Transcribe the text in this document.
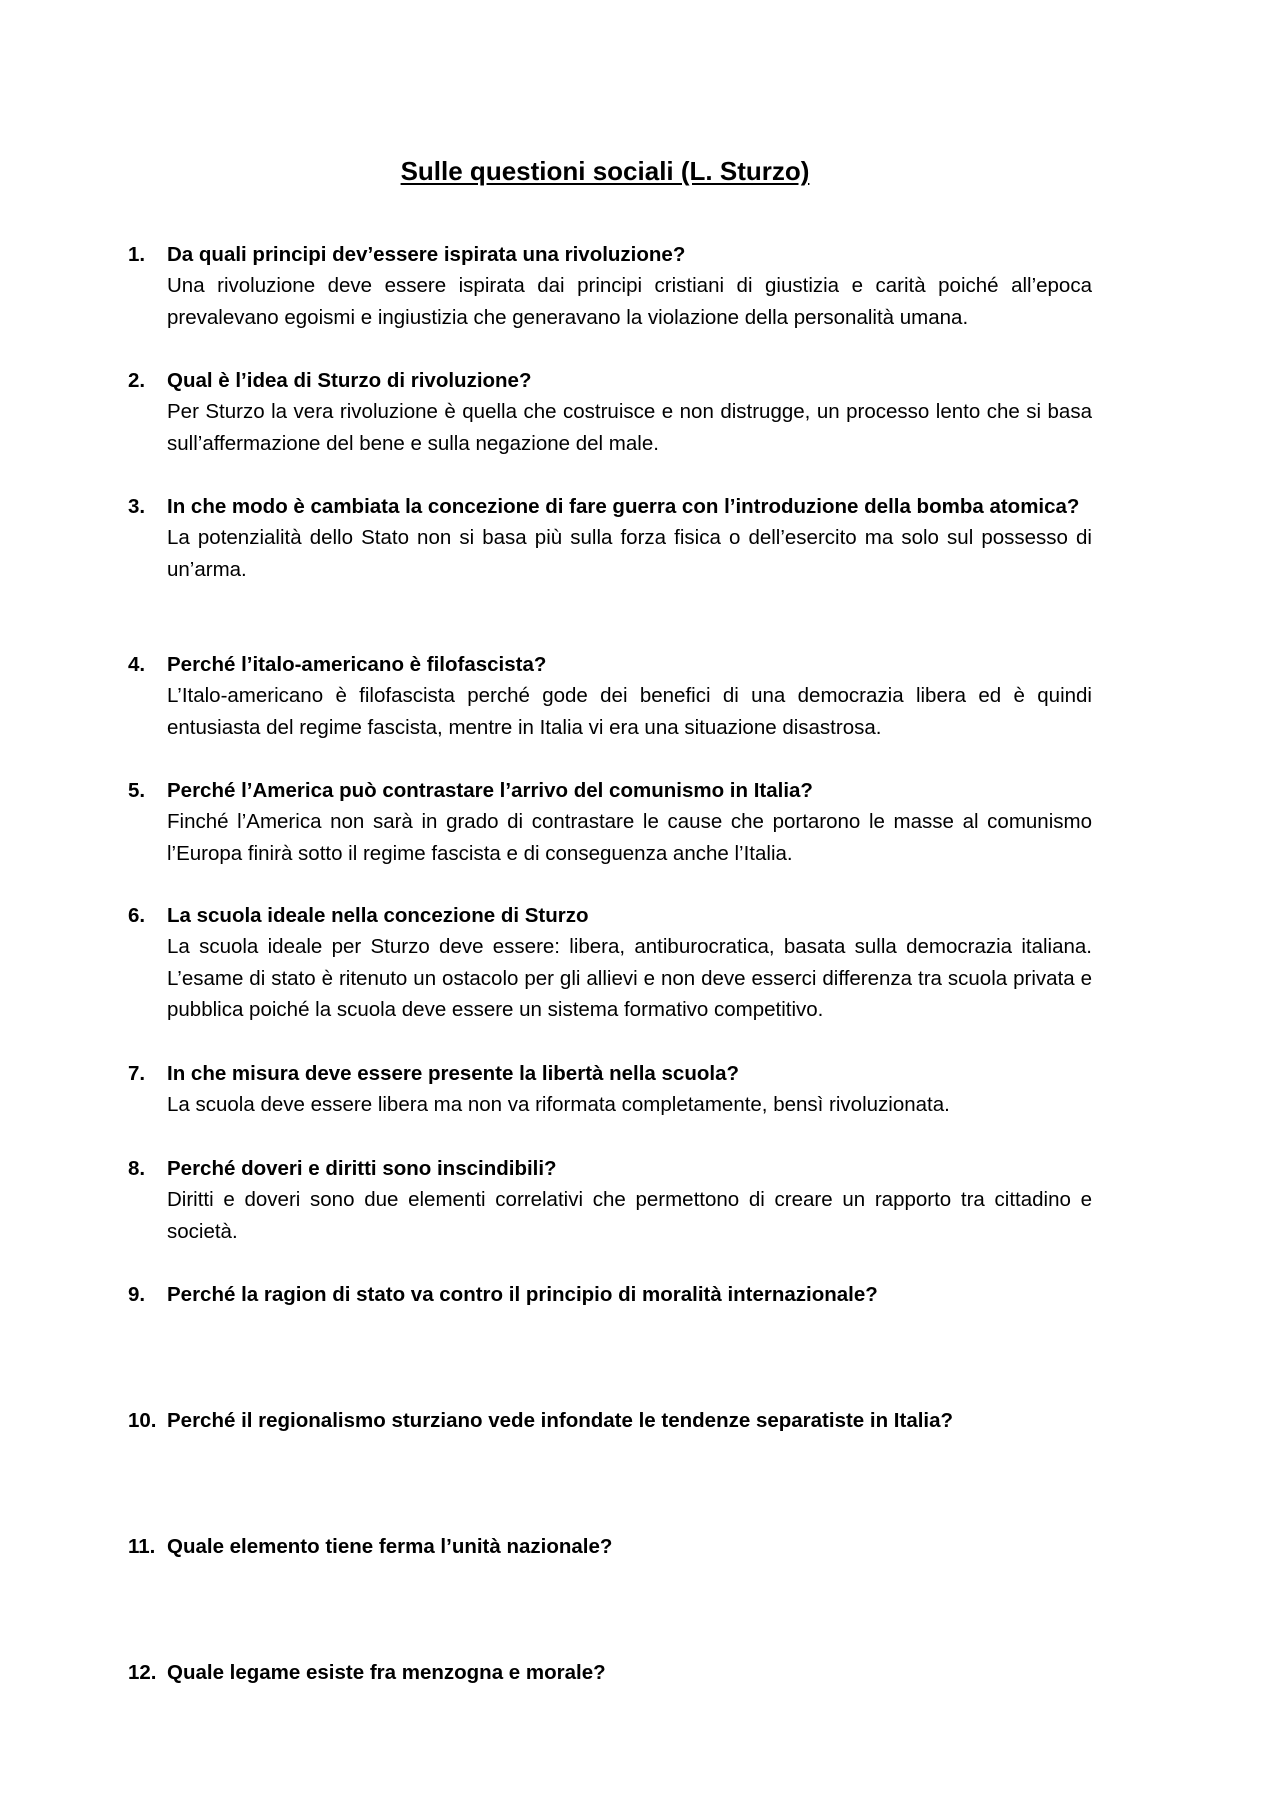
Sulle questioni sociali (L. Sturzo)
1. Da quali principi dev’essere ispirata una rivoluzione?
Una rivoluzione deve essere ispirata dai principi cristiani di giustizia e carità poiché all’epoca prevalevano egoismi e ingiustizia che generavano la violazione della personalità umana.
2. Qual è l’idea di Sturzo di rivoluzione?
Per Sturzo la vera rivoluzione è quella che costruisce e non distrugge, un processo lento che si basa sull’affermazione del bene e sulla negazione del male.
3. In che modo è cambiata la concezione di fare guerra con l’introduzione della bomba atomica?
La potenzialità dello Stato non si basa più sulla forza fisica o dell’esercito ma solo sul possesso di un’arma.
4. Perché l’italo-americano è filofascista?
L’Italo-americano è filofascista perché gode dei benefici di una democrazia libera ed è quindi entusiasta del regime fascista, mentre in Italia vi era una situazione disastrosa.
5. Perché l’America può contrastare l’arrivo del comunismo in Italia?
Finché l’America non sarà in grado di contrastare le cause che portarono le masse al comunismo l’Europa finirà sotto il regime fascista e di conseguenza anche l’Italia.
6. La scuola ideale nella concezione di Sturzo
La scuola ideale per Sturzo deve essere: libera, antiburocratica, basata sulla democrazia italiana. L’esame di stato è ritenuto un ostacolo per gli allievi e non deve esserci differenza tra scuola privata e pubblica poiché la scuola deve essere un sistema formativo competitivo.
7. In che misura deve essere presente la libertà nella scuola?
La scuola deve essere libera ma non va riformata completamente, bensì rivoluzionata.
8. Perché doveri e diritti sono inscindibili?
Diritti e doveri sono due elementi correlativi che permettono di creare un rapporto tra cittadino e società.
9. Perché la ragion di stato va contro il principio di moralità internazionale?
10. Perché il regionalismo sturziano vede infondate le tendenze separatiste in Italia?
11. Quale elemento tiene ferma l’unità nazionale?
12. Quale legame esiste fra menzogna e morale?
